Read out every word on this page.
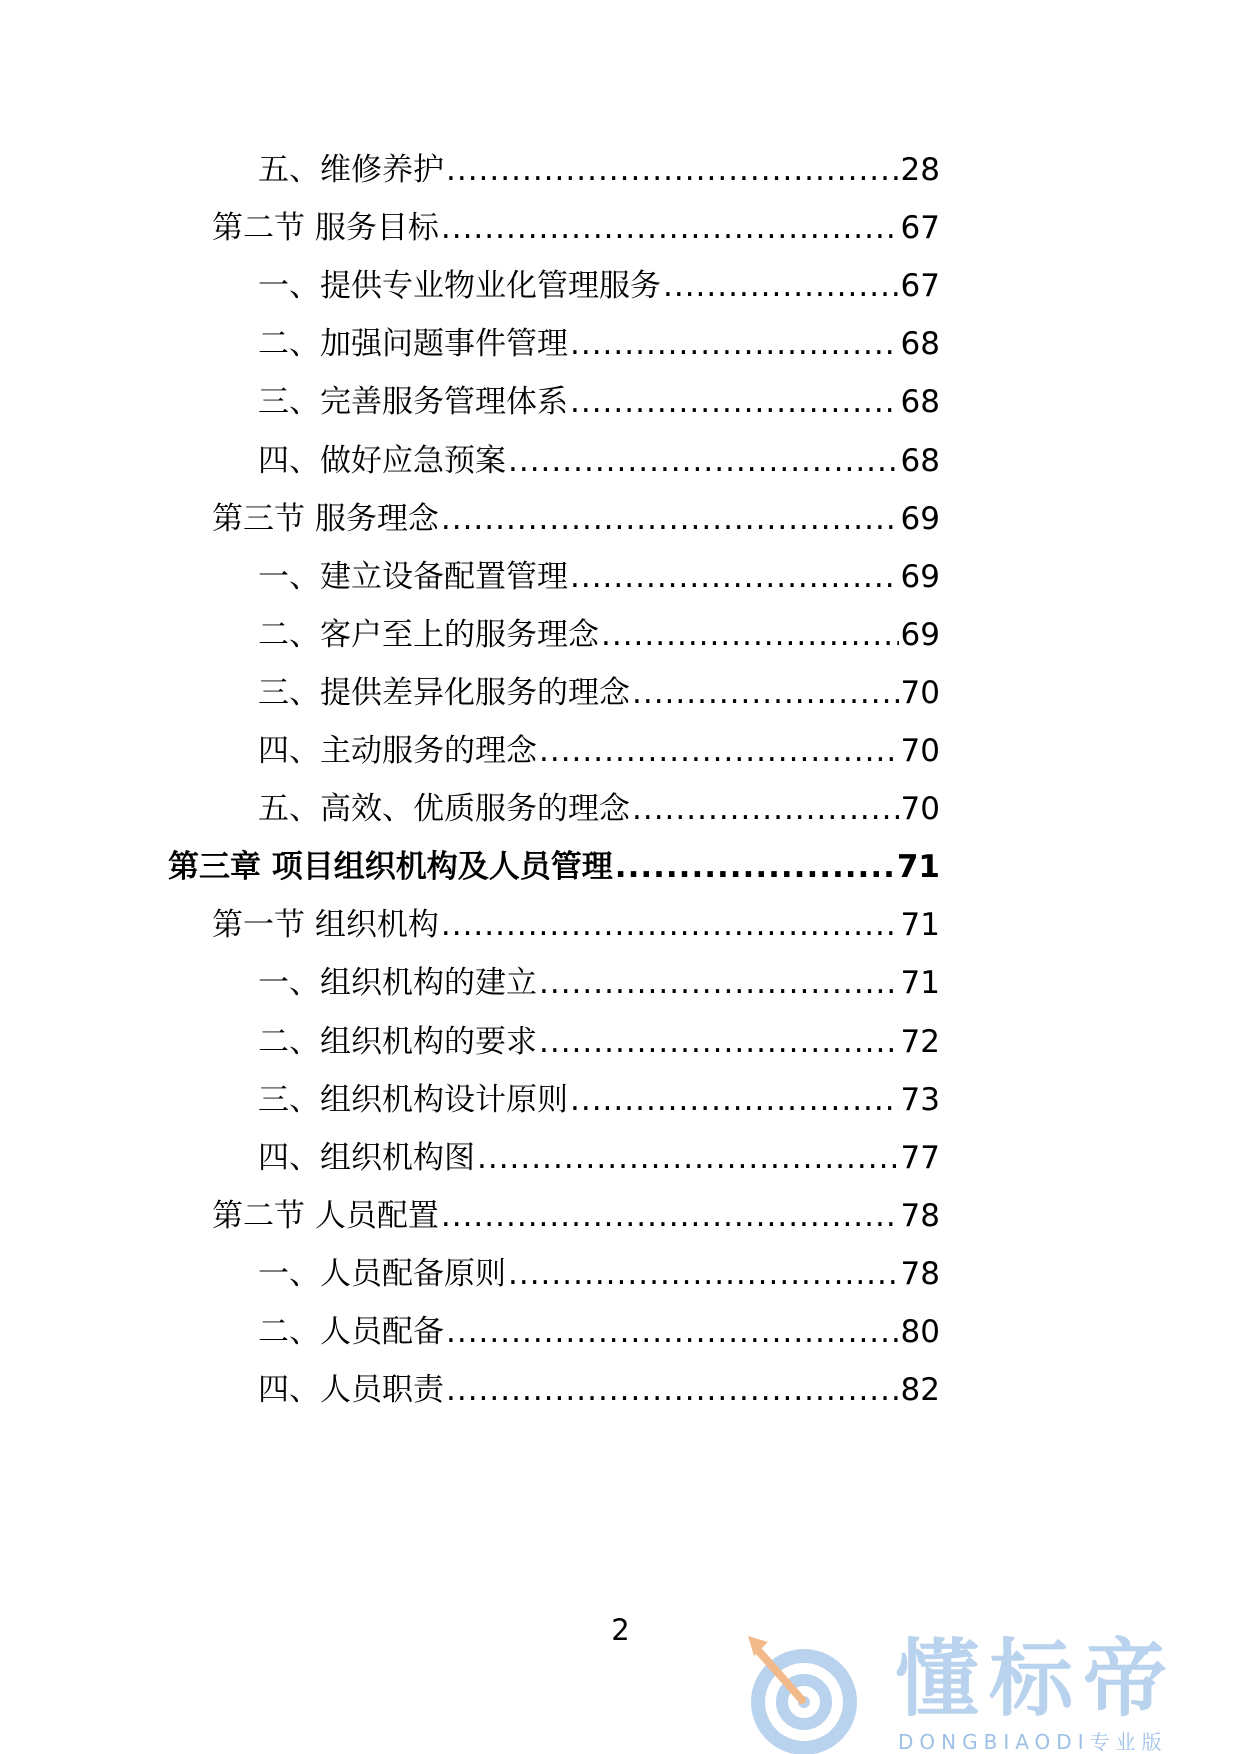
五、维修养护 .....	28
第二节 服务目标 .....	67
一、提供专业物业化管理服务 .....	67
二、加强问题事件管理 .....	68
三、完善服务管理体系 .....	68
四、做好应急预案 .....	68
第三节 服务理念 .....	69
一、建立设备配置管理 .....	69
二、客户至上的服务理念 .....	69
三、提供差异化服务的理念 .....	70
四、主动服务的理念 .....	70
五、高效、优质服务的理念 .....	70
第三章 项目组织机构及人员管理 .....	71
第一节 组织机构 .....	71
一、组织机构的建立 .....	71
二、组织机构的要求 .....	72
三、组织机构设计原则 .....	73
四、组织机构图 .....	77
第二节 人员配置 .....	78
一、人员配备原则 .....	78
二、人员配备 .....	80
四、人员职责 .....	82
2	懂标帝
DONGBIAODI专业版
